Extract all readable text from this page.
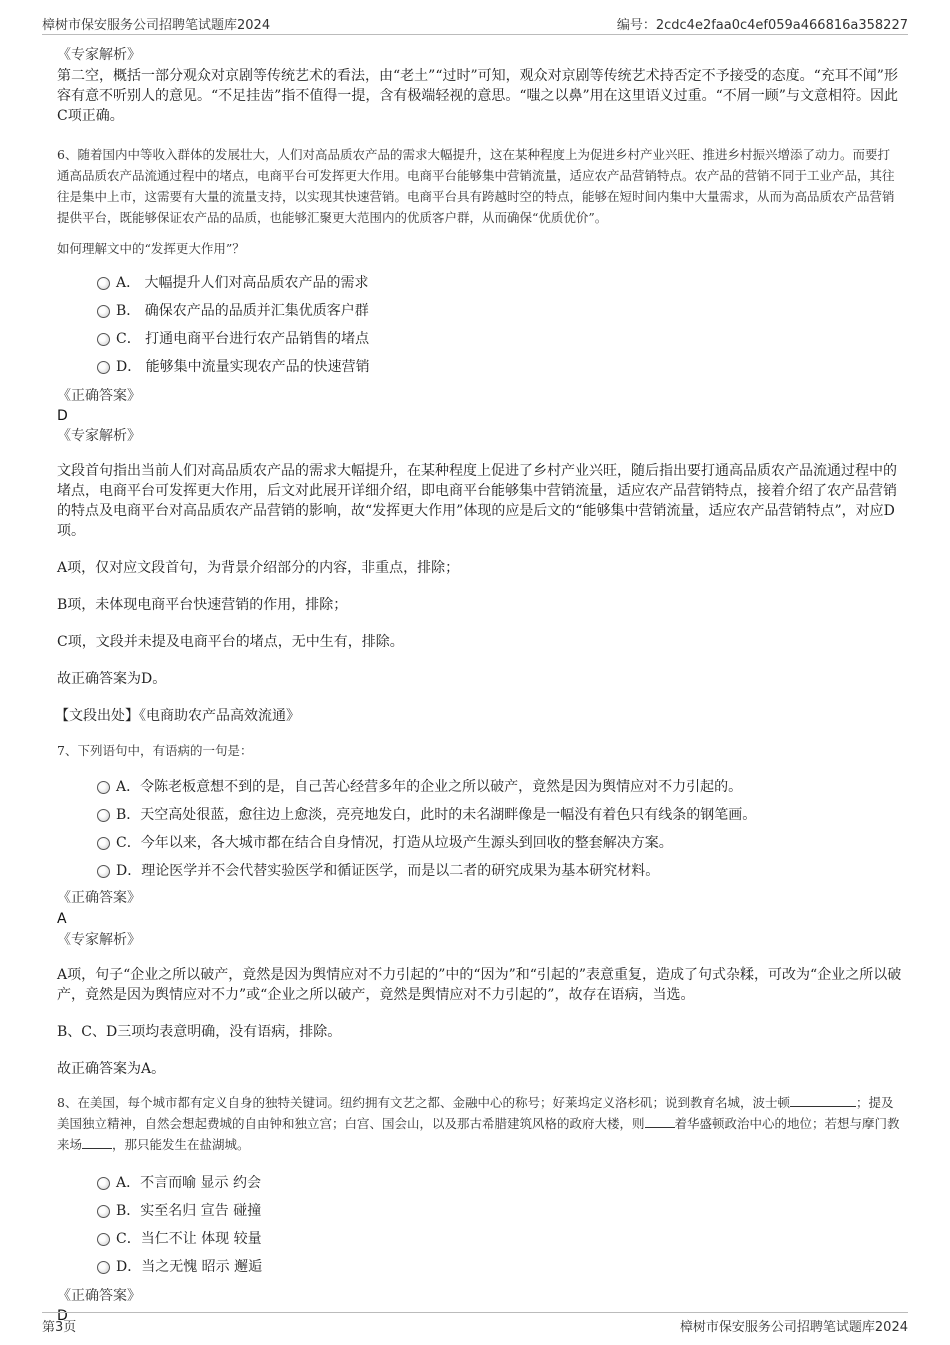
樟树市保安服务公司招聘笔试题库2024	编号：2cdc4e2faa0c4ef059a466816a358227
《专家解析》
第二空，概括一部分观众对京剧等传统艺术的看法，由“老土”“过时”可知，观众对京剧等传统艺术持否定不予接受的态度。“充耳不闻”形容有意不听别人的意见。“不足挂齿”指不值得一提，含有极端轻视的意思。“嗤之以鼻”用在这里语义过重。“不屑一顾”与文意相符。因此C项正确。
6、随着国内中等收入群体的发展壮大，人们对高品质农产品的需求大幅提升，这在某种程度上为促进乡村产业兴旺、推进乡村振兴增添了动力。而要打通高品质农产品流通过程中的堵点，电商平台可发挥更大作用。电商平台能够集中营销流量，适应农产品营销特点。农产品的营销不同于工业产品，其往往是集中上市，这需要有大量的流量支持，以实现其快速营销。电商平台具有跨越时空的特点，能够在短时间内集中大量需求，从而为高品质农产品营销提供平台，既能够保证农产品的品质，也能够汇聚更大范围内的优质客户群，从而确保“优质优价”。
如何理解文中的“发挥更大作用”？
A． 大幅提升人们对高品质农产品的需求
B． 确保农产品的品质并汇集优质客户群
C． 打通电商平台进行农产品销售的堵点
D． 能够集中流量实现农产品的快速营销
《正确答案》
D
《专家解析》
文段首句指出当前人们对高品质农产品的需求大幅提升，在某种程度上促进了乡村产业兴旺，随后指出要打通高品质农产品流通过程中的堵点，电商平台可发挥更大作用，后文对此展开详细介绍，即电商平台能够集中营销流量，适应农产品营销特点，接着介绍了农产品营销的特点及电商平台对高品质农产品营销的影响，故“发挥更大作用”体现的应是后文的“能够集中营销流量，适应农产品营销特点”，对应D项。
A项，仅对应文段首句，为背景介绍部分的内容，非重点，排除；
B项，未体现电商平台快速营销的作用，排除；
C项，文段并未提及电商平台的堵点，无中生有，排除。
故正确答案为D。
【文段出处】《电商助农产品高效流通》
7、下列语句中，有语病的一句是：
A．令陈老板意想不到的是，自己苦心经营多年的企业之所以破产，竟然是因为舆情应对不力引起的。
B．天空高处很蓝，愈往边上愈淡，亮亮地发白，此时的未名湖畔像是一幅没有着色只有线条的钢笔画。
C．今年以来，各大城市都在结合自身情况，打造从垃圾产生源头到回收的整套解决方案。
D．理论医学并不会代替实验医学和循证医学，而是以二者的研究成果为基本研究材料。
《正确答案》
A
《专家解析》
A项，句子“企业之所以破产，竟然是因为舆情应对不力引起的”中的“因为”和“引起的”表意重复，造成了句式杂糅，可改为“企业之所以破产，竟然是因为舆情应对不力”或“企业之所以破产，竟然是舆情应对不力引起的”，故存在语病，当选。
B、C、D三项均表意明确，没有语病，排除。
故正确答案为A。
8、在美国，每个城市都有定义自身的独特关键词。纽约拥有文艺之都、金融中心的称号；好莱坞定义洛杉矶；说到教育名城，波士顿	；提及美国独立精神，自然会想起费城的自由钟和独立宫；白宫、国会山，以及那古希腊建筑风格的政府大楼，则 着华盛顿政治中心的地位；若想与摩门教来场 ，那只能发生在盐湖城。
A．不言而喻 显示 约会
B．实至名归 宣告 碰撞
C．当仁不让 体现 较量
D．当之无愧 昭示 邂逅
《正确答案》
D
第3页	樟树市保安服务公司招聘笔试题库2024
